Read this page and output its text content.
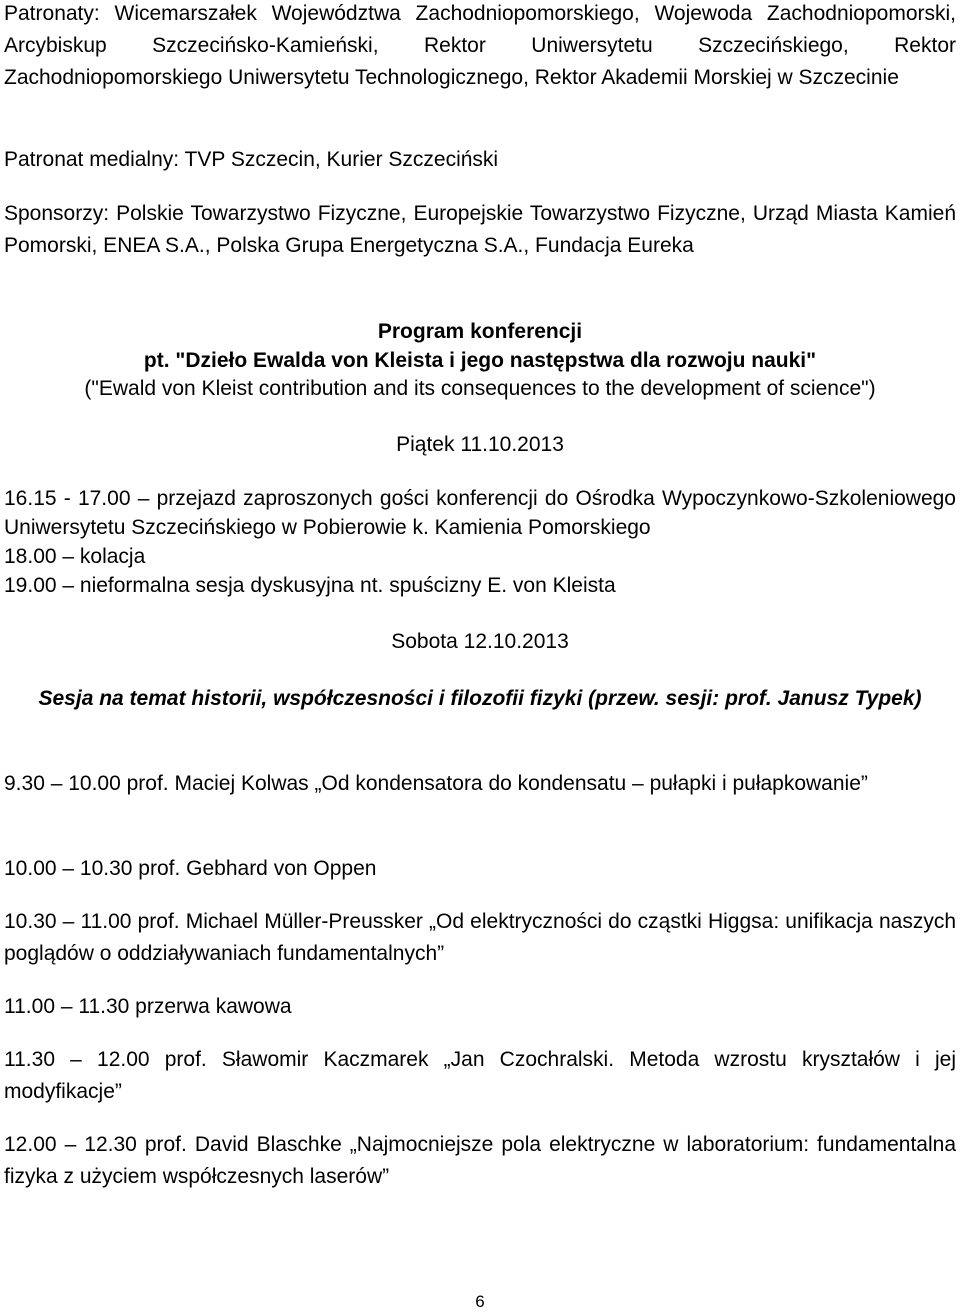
Patronaty: Wicemarszałek Województwa Zachodniopomorskiego, Wojewoda Zachodniopomorski, Arcybiskup Szczecińsko-Kamieński, Rektor Uniwersytetu Szczecińskiego, Rektor Zachodniopomorskiego Uniwersytetu Technologicznego, Rektor Akademii Morskiej w Szczecinie

Patronat medialny: TVP Szczecin, Kurier Szczeciński

Sponsorzy: Polskie Towarzystwo Fizyczne, Europejskie Towarzystwo Fizyczne, Urząd Miasta Kamień Pomorski, ENEA S.A., Polska Grupa Energetyczna S.A., Fundacja Eureka

Program konferencji

pt. "Dzieło Ewalda von Kleista i jego następstwa dla rozwoju nauki"

("Ewald von Kleist contribution and its consequences to the development of science")

Piątek 11.10.2013

16.15 - 17.00 – przejazd zaproszonych gości konferencji do Ośrodka Wypoczynkowo-Szkoleniowego Uniwersytetu Szczecińskiego w Pobierowie k. Kamienia Pomorskiego

18.00 – kolacja

19.00 – nieformalna sesja dyskusyjna nt. spuścizny E. von Kleista

Sobota 12.10.2013

Sesja na temat historii, współczesności i filozofii fizyki (przew. sesji: prof. Janusz Typek)

9.30 – 10.00 prof. Maciej Kolwas „Od kondensatora do kondensatu – pułapki i pułapkowanie”

10.00 – 10.30 prof. Gebhard von Oppen

10.30 – 11.00 prof. Michael Müller-Preussker „Od elektryczności do cząstki Higgsa: unifikacja naszych poglądów o oddziaływaniach fundamentalnych”

11.00 – 11.30 przerwa kawowa

11.30 – 12.00 prof. Sławomir Kaczmarek „Jan Czochralski. Metoda wzrostu kryształów i jej modyfikacje”

12.00 – 12.30 prof. David Blaschke „Najmocniejsze pola elektryczne w laboratorium: fundamentalna fizyka z użyciem współczesnych laserów”

6
